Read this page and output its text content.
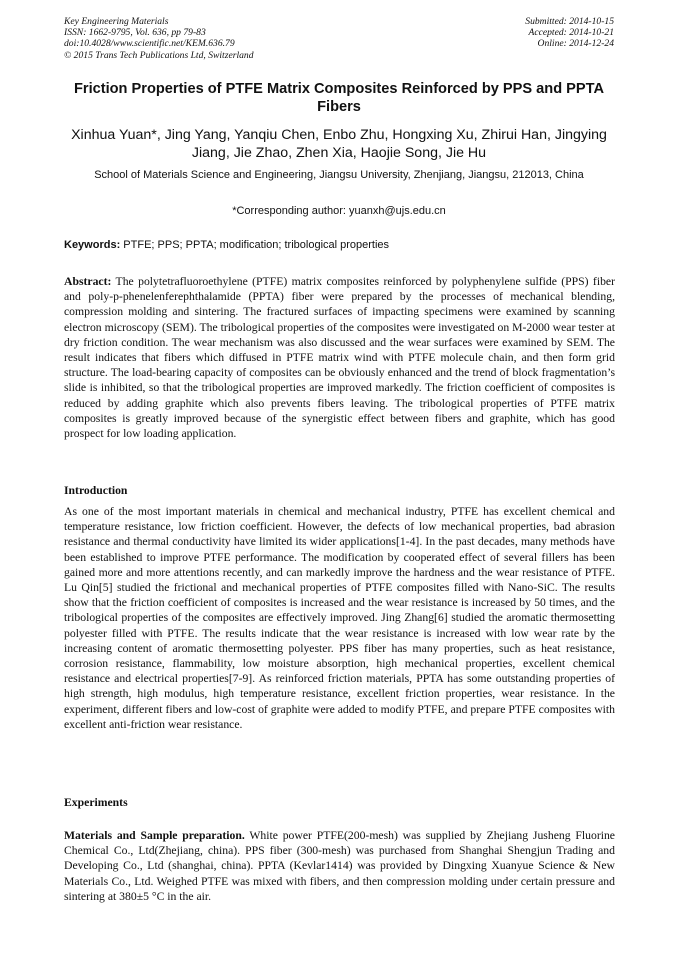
Key Engineering Materials
ISSN: 1662-9795, Vol. 636, pp 79-83
doi:10.4028/www.scientific.net/KEM.636.79
© 2015 Trans Tech Publications Ltd, Switzerland
Submitted: 2014-10-15
Accepted: 2014-10-21
Online: 2014-12-24
Friction Properties of PTFE Matrix Composites Reinforced by PPS and PPTA Fibers
Xinhua Yuan*, Jing Yang, Yanqiu Chen, Enbo Zhu, Hongxing Xu, Zhirui Han, Jingying Jiang, Jie Zhao, Zhen Xia, Haojie Song, Jie Hu
School of Materials Science and Engineering, Jiangsu University, Zhenjiang, Jiangsu, 212013, China
*Corresponding author: yuanxh@ujs.edu.cn
Keywords: PTFE; PPS; PPTA; modification; tribological properties
Abstract: The polytetrafluoroethylene (PTFE) matrix composites reinforced by polyphenylene sulfide (PPS) fiber and poly-p-phenelenferephthalamide (PPTA) fiber were prepared by the processes of mechanical blending, compression molding and sintering. The fractured surfaces of impacting specimens were examined by scanning electron microscopy (SEM). The tribological properties of the composites were investigated on M-2000 wear tester at dry friction condition. The wear mechanism was also discussed and the wear surfaces were examined by SEM. The result indicates that fibers which diffused in PTFE matrix wind with PTFE molecule chain, and then form grid structure. The load-bearing capacity of composites can be obviously enhanced and the trend of block fragmentation’s slide is inhibited, so that the tribological properties are improved markedly. The friction coefficient of composites is reduced by adding graphite which also prevents fibers leaving. The tribological properties of PTFE matrix composites is greatly improved because of the synergistic effect between fibers and graphite, which has good prospect for low loading application.
Introduction
As one of the most important materials in chemical and mechanical industry, PTFE has excellent chemical and temperature resistance, low friction coefficient. However, the defects of low mechanical properties, bad abrasion resistance and thermal conductivity have limited its wider applications[1-4]. In the past decades, many methods have been established to improve PTFE performance. The modification by cooperated effect of several fillers has been gained more and more attentions recently, and can markedly improve the hardness and the wear resistance of PTFE. Lu Qin[5] studied the frictional and mechanical properties of PTFE composites filled with Nano-SiC. The results show that the friction coefficient of composites is increased and the wear resistance is increased by 50 times, and the tribological properties of the composites are effectively improved. Jing Zhang[6] studied the aromatic thermosetting polyester filled with PTFE. The results indicate that the wear resistance is increased with low wear rate by the increasing content of aromatic thermosetting polyester. PPS fiber has many properties, such as heat resistance, corrosion resistance, flammability, low moisture absorption, high mechanical properties, excellent chemical resistance and electrical properties[7-9]. As reinforced friction materials, PPTA has some outstanding properties of high strength, high modulus, high temperature resistance, excellent friction properties, wear resistance. In the experiment, different fibers and low-cost of graphite were added to modify PTFE, and prepare PTFE composites with excellent anti-friction wear resistance.
Experiments
Materials and Sample preparation. White power PTFE(200-mesh) was supplied by Zhejiang Jusheng Fluorine Chemical Co., Ltd(Zhejiang, china). PPS fiber (300-mesh) was purchased from Shanghai Shengjun Trading and Developing Co., Ltd (shanghai, china). PPTA (Kevlar1414) was provided by Dingxing Xuanyue Science & New Materials Co., Ltd. Weighed PTFE was mixed with fibers, and then compression molding under certain pressure and sintering at 380±5 °C in the air.
